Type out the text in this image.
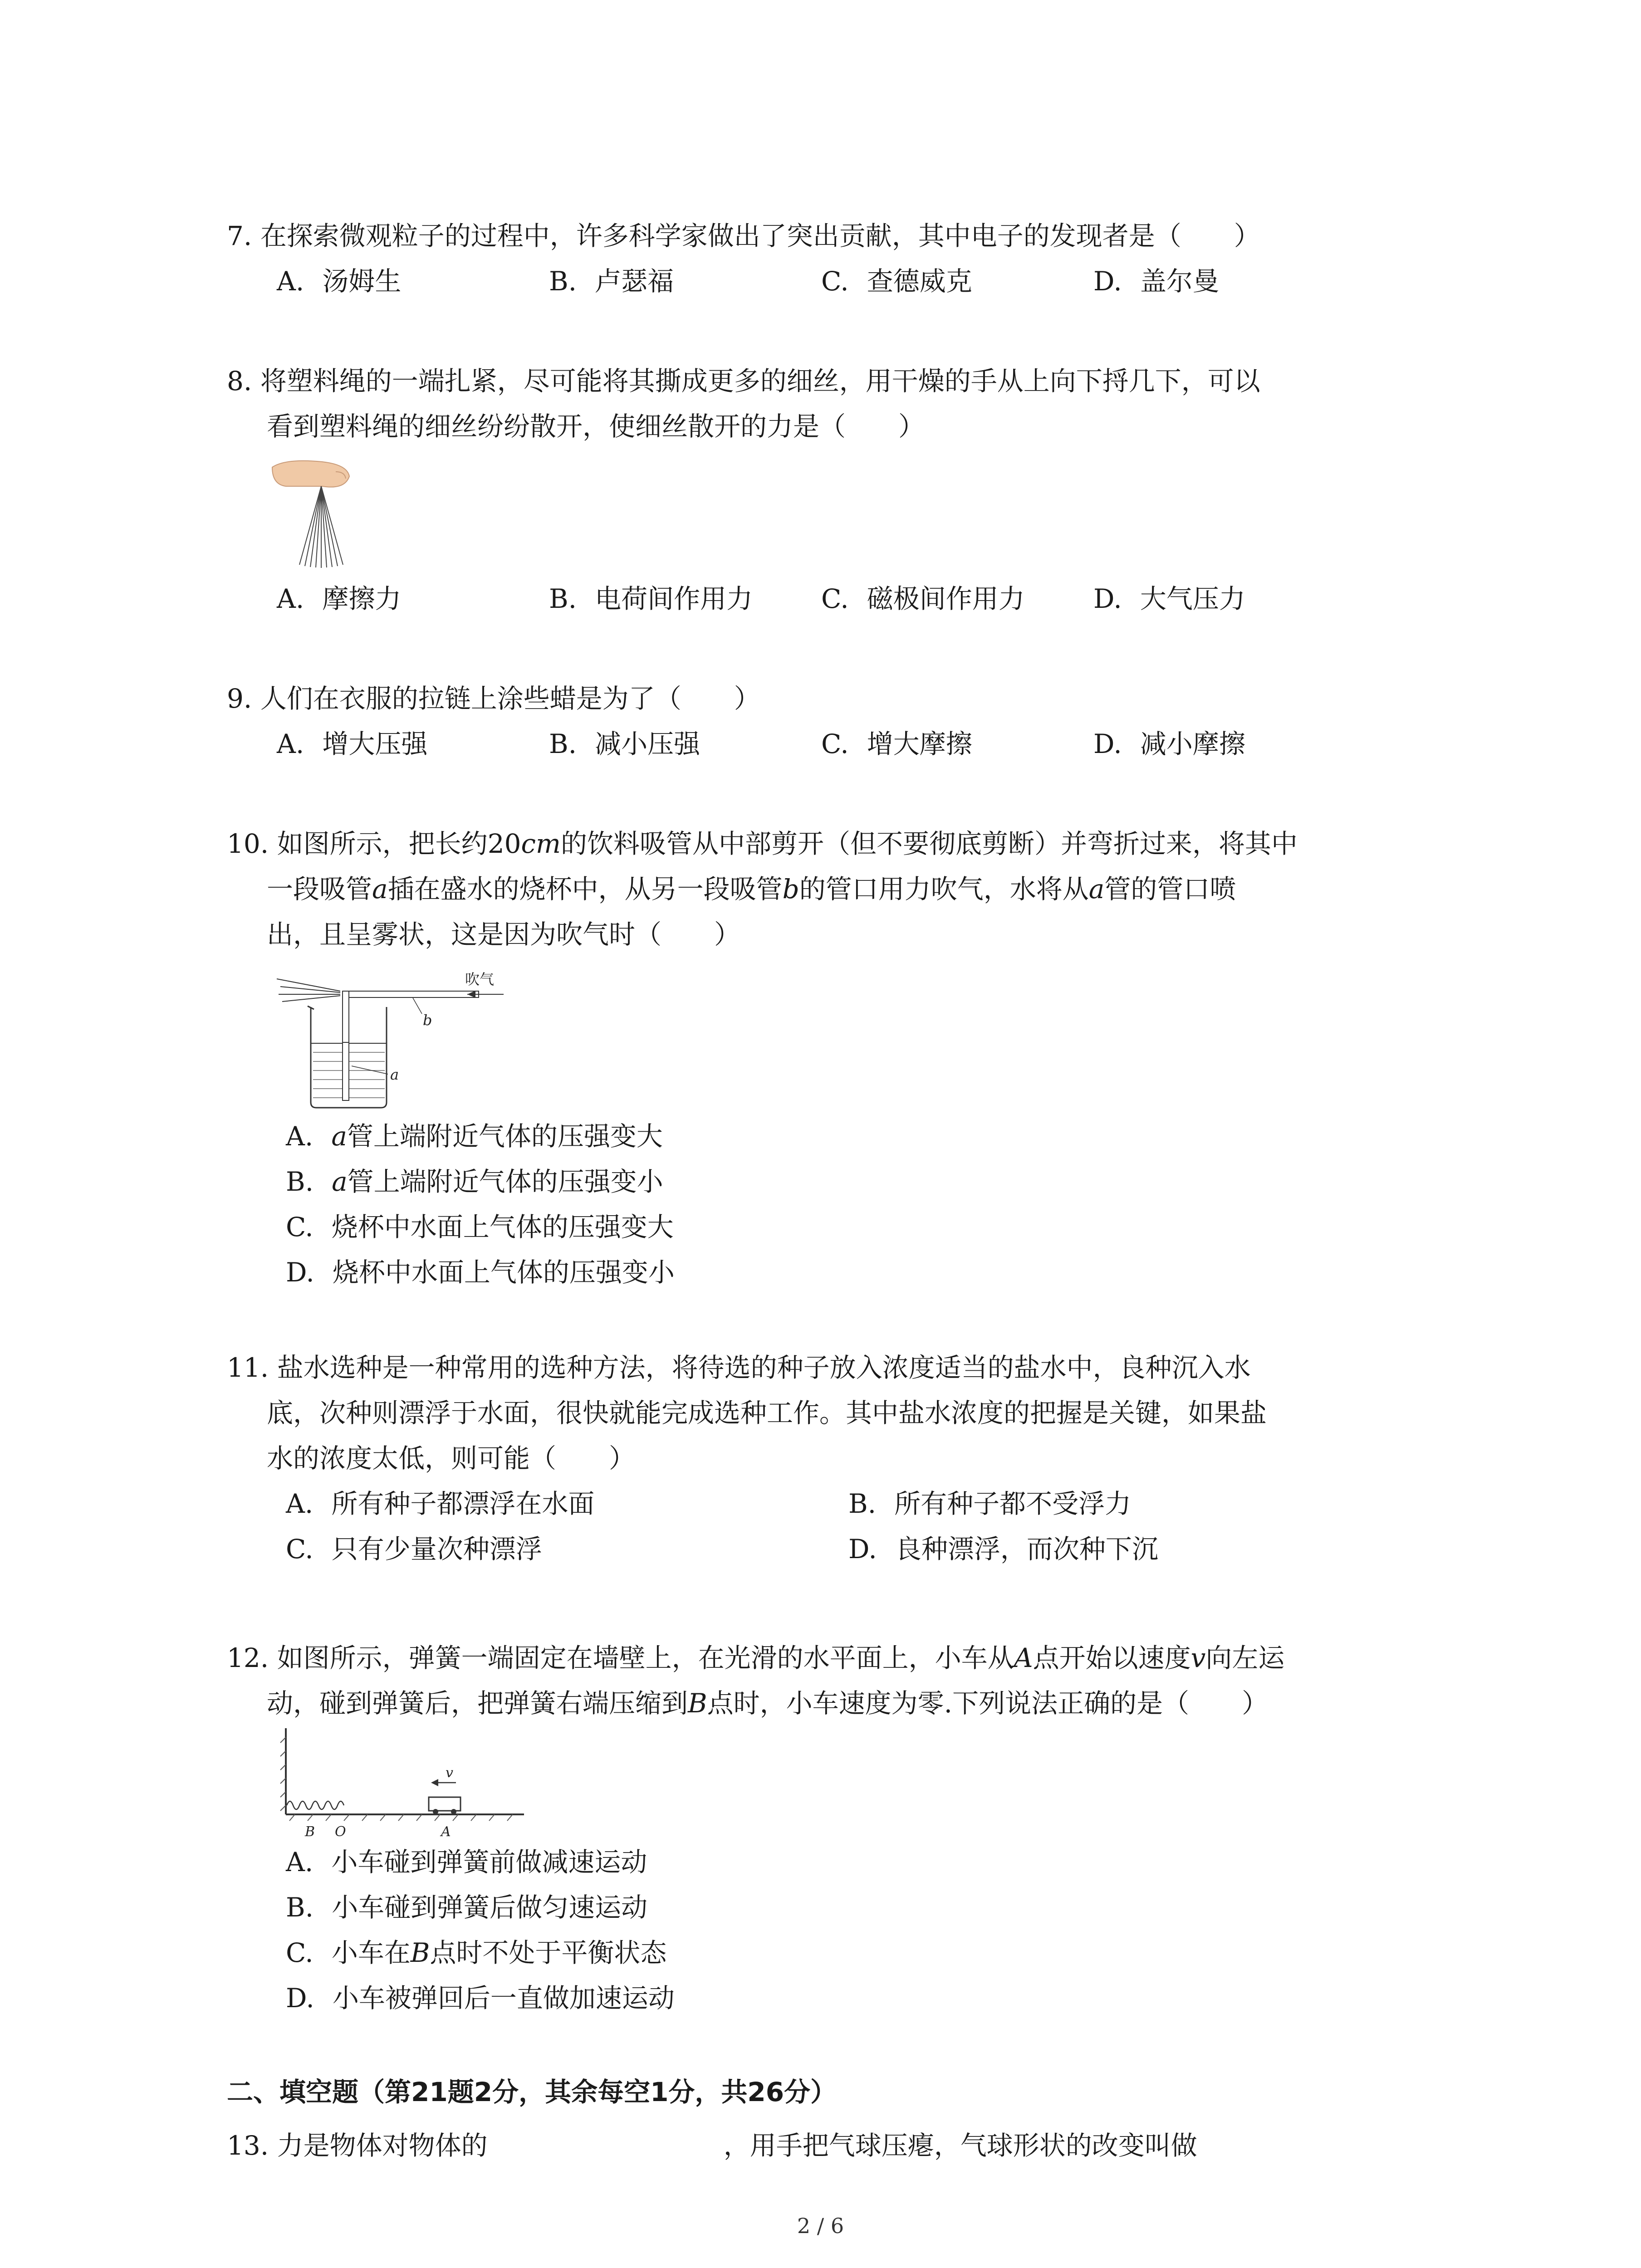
7. 在探索微观粒子的过程中，许多科学家做出了突出贡献，其中电子的发现者是（　　）
A. 汤姆生	B. 卢瑟福	C. 查德威克	D. 盖尔曼
8. 将塑料绳的一端扎紧，尽可能将其撕成更多的细丝，用干燥的手从上向下捋几下，可以
看到塑料绳的细丝纷纷散开，使细丝散开的力是（　　）
A. 摩擦力	B. 电荷间作用力	C. 磁极间作用力	D. 大气压力
9. 人们在衣服的拉链上涂些蜡是为了（　　）
A. 增大压强	B. 减小压强	C. 增大摩擦	D. 减小摩擦
10. 如图所示，把长约20cm的饮料吸管从中部剪开（但不要彻底剪断）并弯折过来，将其中
一段吸管a插在盛水的烧杯中，从另一段吸管b的管口用力吹气，水将从a管的管口喷
出，且呈雾状，这是因为吹气时（　　）
吹气
b
a
A. a管上端附近气体的压强变大
B. a管上端附近气体的压强变小
C. 烧杯中水面上气体的压强变大
D. 烧杯中水面上气体的压强变小
11. 盐水选种是一种常用的选种方法，将待选的种子放入浓度适当的盐水中，良种沉入水
底，次种则漂浮于水面，很快就能完成选种工作。其中盐水浓度的把握是关键，如果盐
水的浓度太低，则可能（　　）
A. 所有种子都漂浮在水面	B. 所有种子都不受浮力
C. 只有少量次种漂浮	D. 良种漂浮，而次种下沉
12. 如图所示，弹簧一端固定在墙壁上，在光滑的水平面上，小车从A点开始以速度v向左运
动，碰到弹簧后，把弹簧右端压缩到B点时，小车速度为零.下列说法正确的是（　　）
v
B O	A
A. 小车碰到弹簧前做减速运动
B. 小车碰到弹簧后做匀速运动
C. 小车在B点时不处于平衡状态
D. 小车被弹回后一直做加速运动
二、填空题（第21题2分，其余每空1分，共26分）
13. 力是物体对物体的	，用手把气球压瘪，气球形状的改变叫做
2 / 6
